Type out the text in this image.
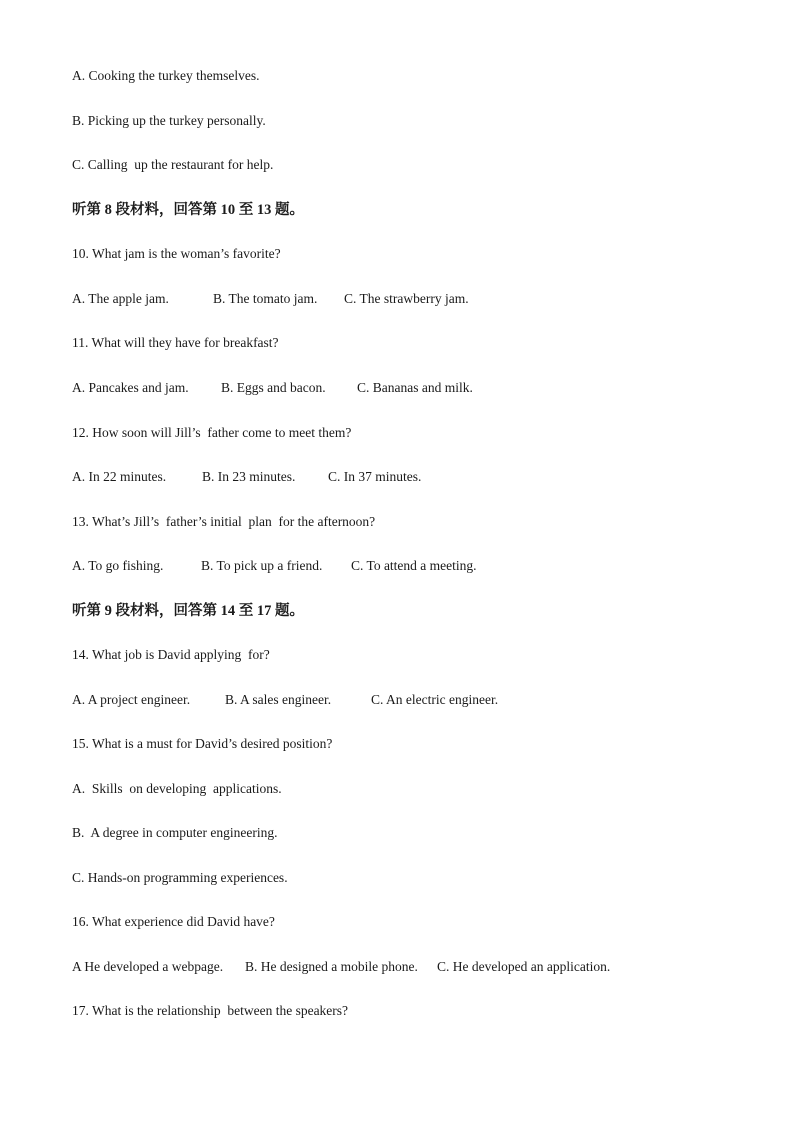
A. Cooking the turkey themselves.
B. Picking up the turkey personally.
C. Calling  up the restaurant for help.
听第 8 段材料，回答第 10 至 13 题。
10. What jam is the woman’s favorite?
A. The apple jam.	B. The tomato jam.	C. The strawberry jam.
11. What will they have for breakfast?
A. Pancakes and jam.	B. Eggs and bacon.	C. Bananas and milk.
12. How soon will Jill’s  father come to meet them?
A. In 22 minutes.	B. In 23 minutes.	C. In 37 minutes.
13. What’s Jill’s  father’s initial  plan  for the afternoon?
A. To go fishing.	B. To pick up a friend.	C. To attend a meeting.
听第 9 段材料，回答第 14 至 17 题。
14. What job is David applying  for?
A. A project engineer.	B. A sales engineer.	C. An electric engineer.
15. What is a must for David’s desired position?
A.  Skills  on developing  applications.
B.  A degree in computer engineering.
C. Hands-on programming experiences.
16. What experience did David have?
A He developed a webpage.	B. He designed a mobile phone.	C. He developed an application.
17. What is the relationship  between the speakers?
